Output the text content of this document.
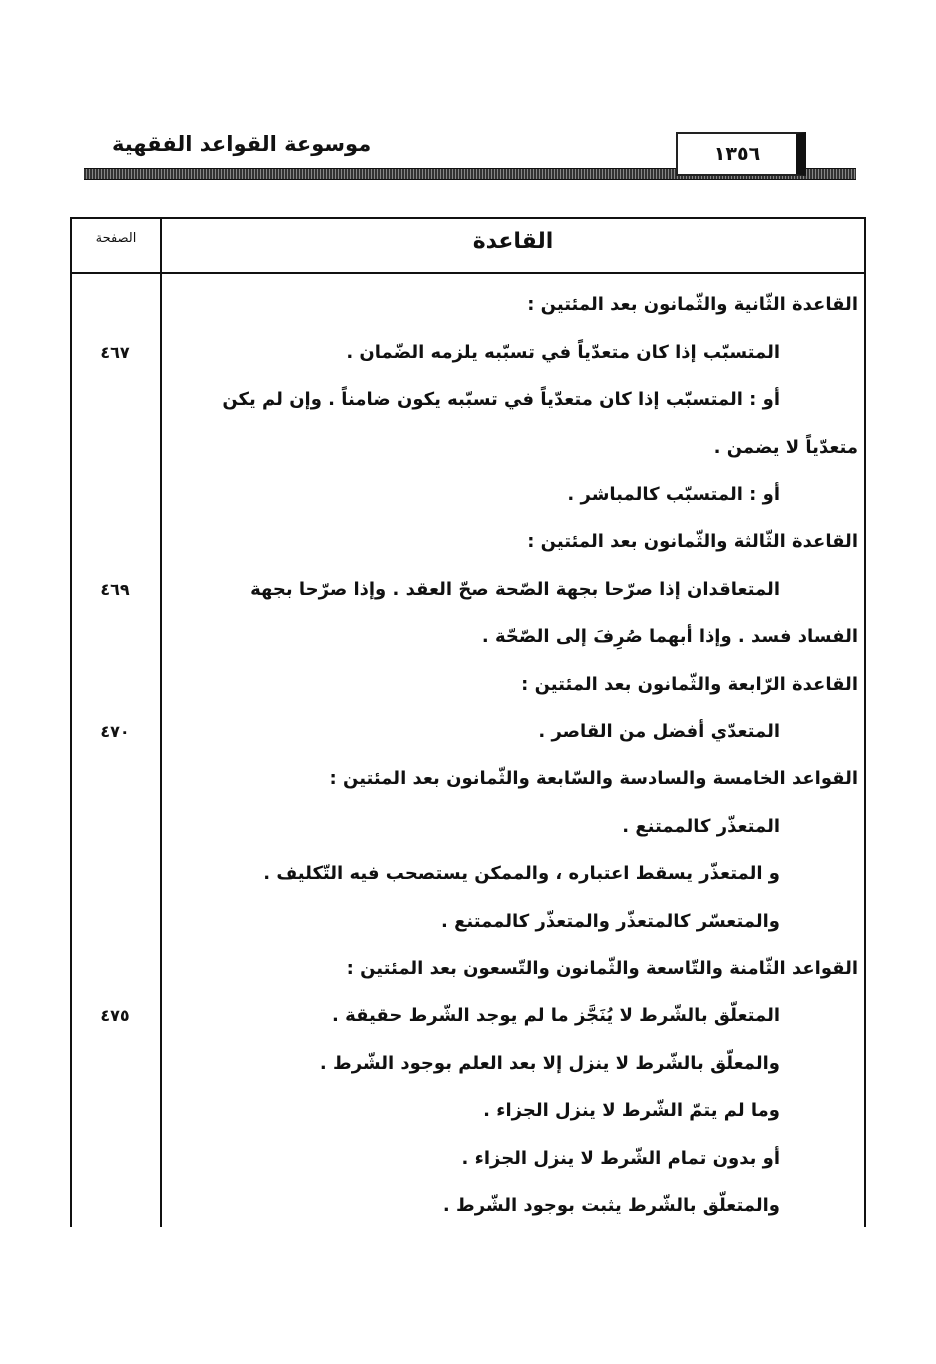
موسوعة القواعد الفقهية	١٣٥٦
الصفحة	القاعدة
القاعدة الثّانية والثّمانون بعد المئتين :
المتسبّب إذا كان متعدّياً في تسبّبه يلزمه الضّمان .
أو : المتسبّب إذا كان متعدّياً في تسبّبه يكون ضامناً . وإن لم يكن
متعدّياً لا يضمن .
أو : المتسبّب كالمباشر .
القاعدة الثّالثة والثّمانون بعد المئتين :
المتعاقدان إذا صرّحا بجهة الصّحة صحّ العقد . وإذا صرّحا بجهة
الفساد فسد . وإذا أبهما صُرِفَ إلى الصّحّة .
القاعدة الرّابعة والثّمانون بعد المئتين :
المتعدّي أفضل من القاصر .
القواعد الخامسة والسادسة والسّابعة والثّمانون بعد المئتين :
المتعذّر كالممتنع .
و المتعذّر يسقط اعتباره ، والممكن يستصحب فيه التّكليف .
والمتعسّر كالمتعذّر والمتعذّر كالممتنع .
القواعد الثّامنة والتّاسعة والثّمانون والتّسعون بعد المئتين :
المتعلّق بالشّرط لا يُنَجَّز ما لم يوجد الشّرط حقيقة .
والمعلّق بالشّرط لا ينزل إلا بعد العلم بوجود الشّرط .
وما لم يتمّ الشّرط لا ينزل الجزاء .
أو بدون تمام الشّرط لا ينزل الجزاء .
والمتعلّق بالشّرط يثبت بوجود الشّرط .
٤٦٧
٤٦٩
٤٧٠
٤٧٥
